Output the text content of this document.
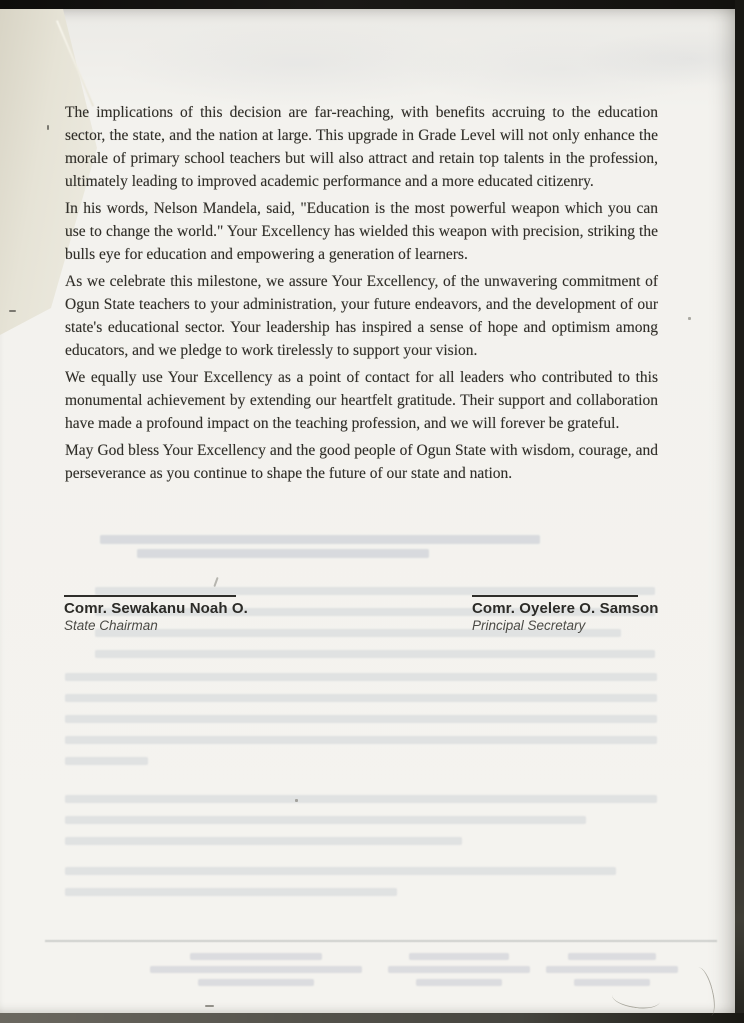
The implications of this decision are far-reaching, with benefits accruing to the education sector, the state, and the nation at large. This upgrade in Grade Level will not only enhance the morale of primary school teachers but will also attract and retain top talents in the profession, ultimately leading to improved academic performance and a more educated citizenry.

In his words, Nelson Mandela, said, "Education is the most powerful weapon which you can use to change the world." Your Excellency has wielded this weapon with precision, striking the bulls eye for education and empowering a generation of learners.

As we celebrate this milestone, we assure Your Excellency, of the unwavering commitment of Ogun State teachers to your administration, your future endeavors, and the development of our state's educational sector. Your leadership has inspired a sense of hope and optimism among educators, and we pledge to work tirelessly to support your vision.

We equally use Your Excellency as a point of contact for all leaders who contributed to this monumental achievement by extending our heartfelt gratitude. Their support and collaboration have made a profound impact on the teaching profession, and we will forever be grateful.

May God bless Your Excellency and the good people of Ogun State with wisdom, courage, and perseverance as you continue to shape the future of our state and nation.

Comr. Sewakanu Noah O.
State Chairman
Comr. Oyelere O. Samson
Principal Secretary
